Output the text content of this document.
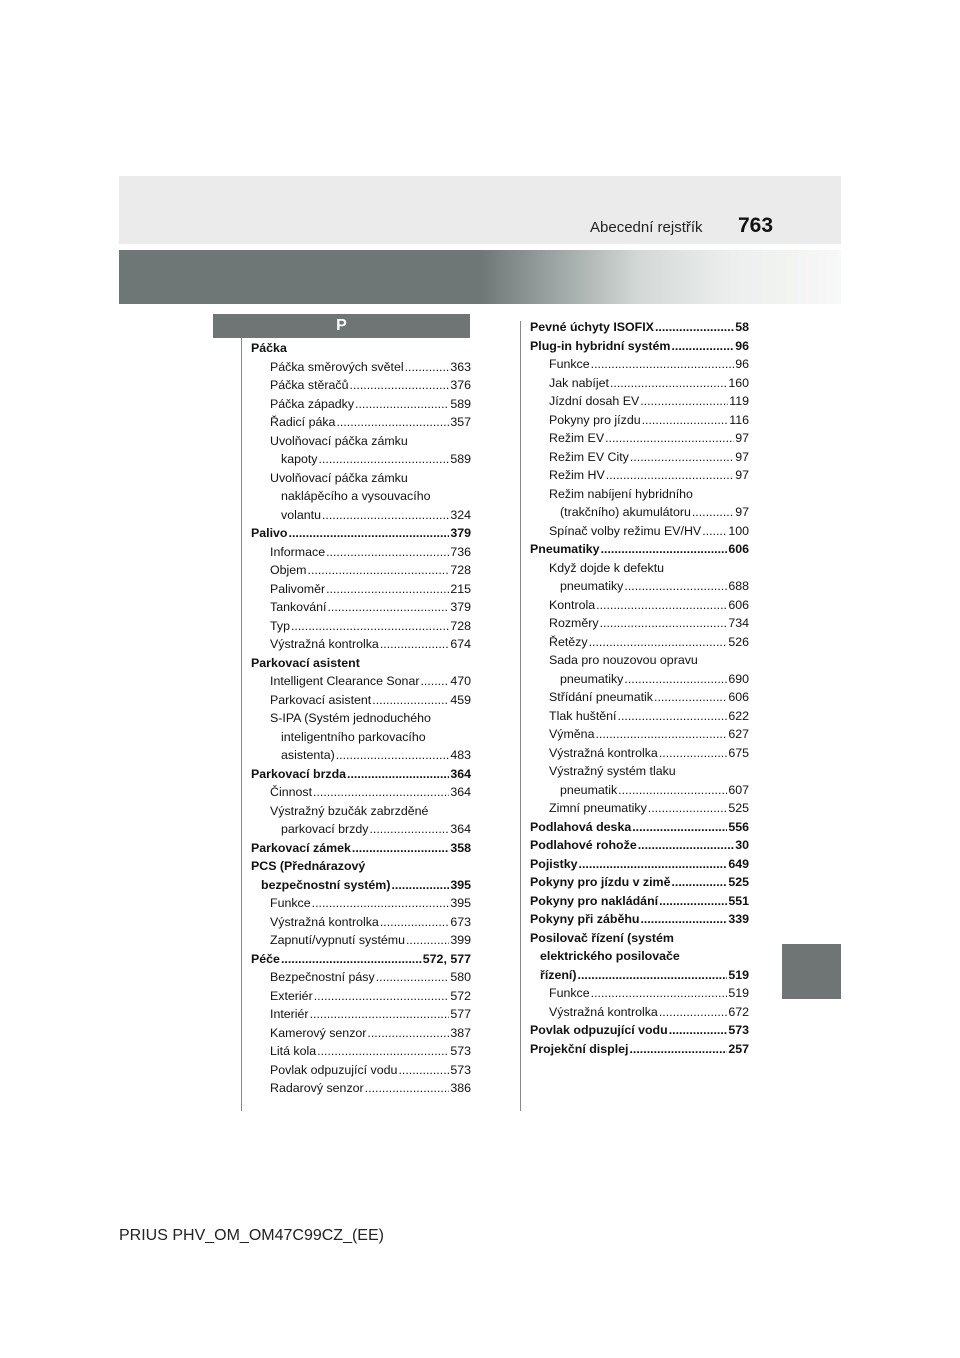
Abecední rejstřík 763
P
Páčka
Páčka směrových světel .....	363
Páčka stěračů .....	376
Páčka západky .....	589
Řadicí páka .....	357
Uvolňovací páčka zámku
kapoty .....	589
Uvolňovací páčka zámku
naklápěcího a vysouvacího
volantu .....	324
Palivo .....	379
Informace .....	736
Objem .....	728
Palivoměr .....	215
Tankování .....	379
Typ .....	728
Výstražná kontrolka .....	674
Parkovací asistent
Intelligent Clearance Sonar ..... 470
Parkovací asistent .....	459
S-IPA (Systém jednoduchého
inteligentního parkovacího
asistenta) .....	483
Parkovací brzda .....	364
Činnost .....	364
Výstražný bzučák zabrzděné
parkovací brzdy .....	364
Parkovací zámek .....	358
PCS (Přednárazový
bezpečnostní systém) .....	395
Funkce .....	395
Výstražná kontrolka .....	673
Zapnutí/vypnutí systému .....	399
Péče .....	572, 577
Bezpečnostní pásy .....	580
Exteriér .....	572
Interiér .....	577
Kamerový senzor .....	387
Litá kola .....	573
Povlak odpuzující vodu .....	573
Radarový senzor .....	386
Pevné úchyty ISOFIX .....	58
Plug-in hybridní systém .....	96
Funkce .....	96
Jak nabíjet .....	160
Jízdní dosah EV .....	119
Pokyny pro jízdu .....	116
Režim EV .....	97
Režim EV City .....	97
Režim HV .....	97
Režim nabíjení hybridního
(trakčního) akumulátoru .....	97
Spínač volby režimu EV/HV ..... 100
Pneumatiky .....	606
Když dojde k defektu
pneumatiky .....	688
Kontrola .....	606
Rozměry .....	734
Řetězy .....	526
Sada pro nouzovou opravu
pneumatiky .....	690
Střídání pneumatik .....	606
Tlak huštění .....	622
Výměna .....	627
Výstražná kontrolka .....	675
Výstražný systém tlaku
pneumatik .....	607
Zimní pneumatiky .....	525
Podlahová deska .....	556
Podlahové rohože .....	30
Pojistky .....	649
Pokyny pro jízdu v zimě .....	525
Pokyny pro nakládání .....	551
Pokyny při záběhu .....	339
Posilovač řízení (systém
elektrického posilovače
řízení) .....	519
Funkce .....	519
Výstražná kontrolka .....	672
Povlak odpuzující vodu .....	573
Projekční displej .....	257
PRIUS PHV_OM_OM47C99CZ_(EE)
